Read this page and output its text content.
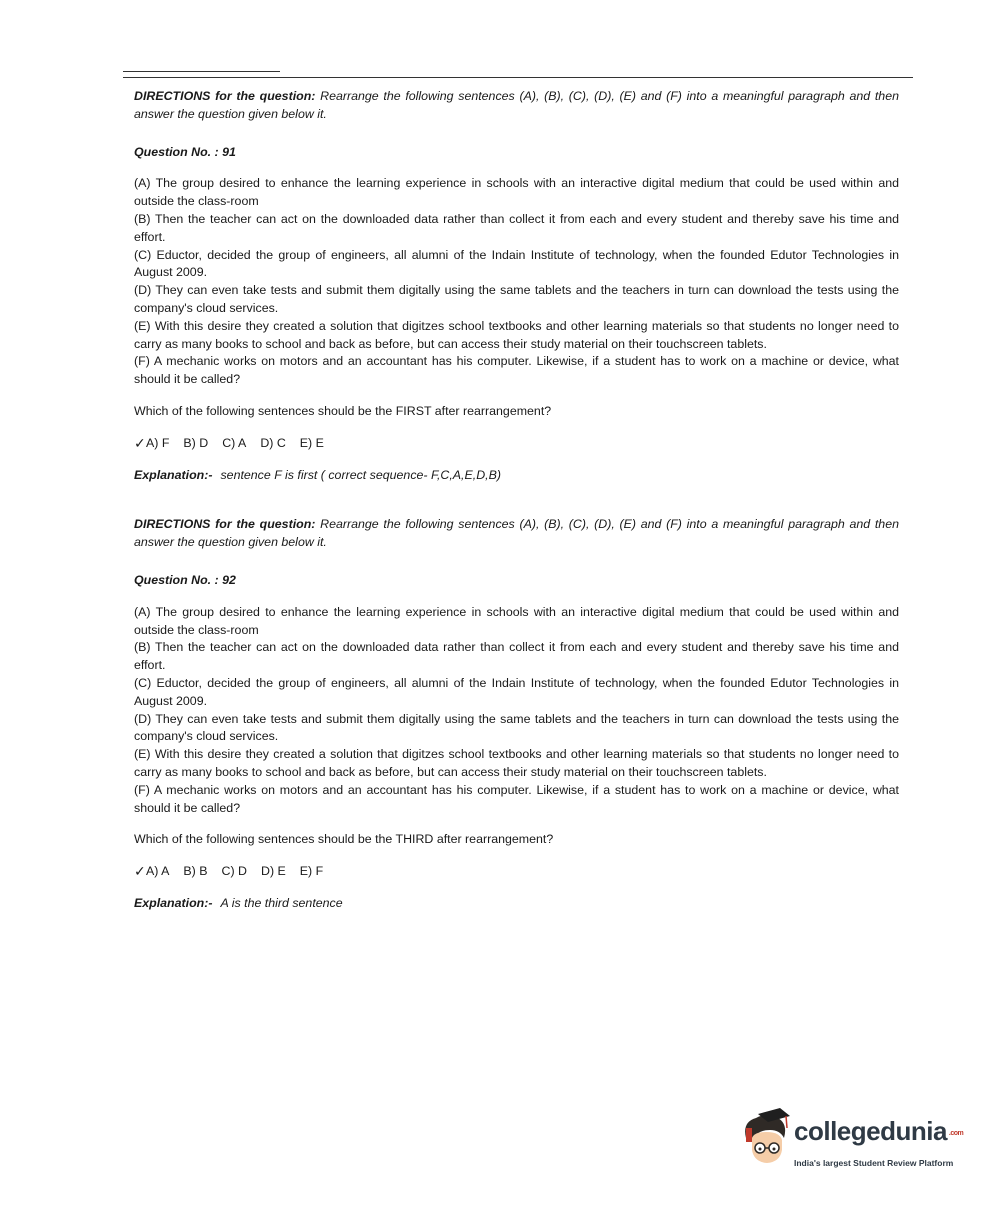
DIRECTIONS for the question: Rearrange the following sentences (A), (B), (C), (D), (E) and (F) into a meaningful paragraph and then answer the question given below it.

Question No. : 91

(A) The group desired to enhance the learning experience in schools with an interactive digital medium that could be used within and outside the class-room

(B) Then the teacher can act on the downloaded data rather than collect it from each and every student and thereby save his time and effort.

(C) Eductor, decided the group of engineers, all alumni of the Indain Institute of technology, when the founded Edutor Technologies in August 2009.

(D) They can even take tests and submit them digitally using the same tablets and the teachers in turn can download the tests using the company's cloud services.

(E) With this desire they created a solution that digitzes school textbooks and other learning materials so that students no longer need to carry as many books to school and back as before, but can access their study material on their touchscreen tablets.

(F) A mechanic works on motors and an accountant has his computer. Likewise, if a student has to work on a machine or device, what should it be called?

Which of the following sentences should be the FIRST after rearrangement?

✓ A) F B) D C) A D) C E) E

Explanation:- sentence F is first ( correct sequence- F,C,A,E,D,B)

DIRECTIONS for the question: Rearrange the following sentences (A), (B), (C), (D), (E) and (F) into a meaningful paragraph and then answer the question given below it.

Question No. : 92

(A) The group desired to enhance the learning experience in schools with an interactive digital medium that could be used within and outside the class-room

(B) Then the teacher can act on the downloaded data rather than collect it from each and every student and thereby save his time and effort.

(C) Eductor, decided the group of engineers, all alumni of the Indain Institute of technology, when the founded Edutor Technologies in August 2009.

(D) They can even take tests and submit them digitally using the same tablets and the teachers in turn can download the tests using the company's cloud services.

(E) With this desire they created a solution that digitzes school textbooks and other learning materials so that students no longer need to carry as many books to school and back as before, but can access their study material on their touchscreen tablets.

(F) A mechanic works on motors and an accountant has his computer. Likewise, if a student has to work on a machine or device, what should it be called?

Which of the following sentences should be the THIRD after rearrangement?

✓ A) A B) B C) D D) E E) F

Explanation:- A is the third sentence

collegedunia .com
India's largest Student Review Platform
